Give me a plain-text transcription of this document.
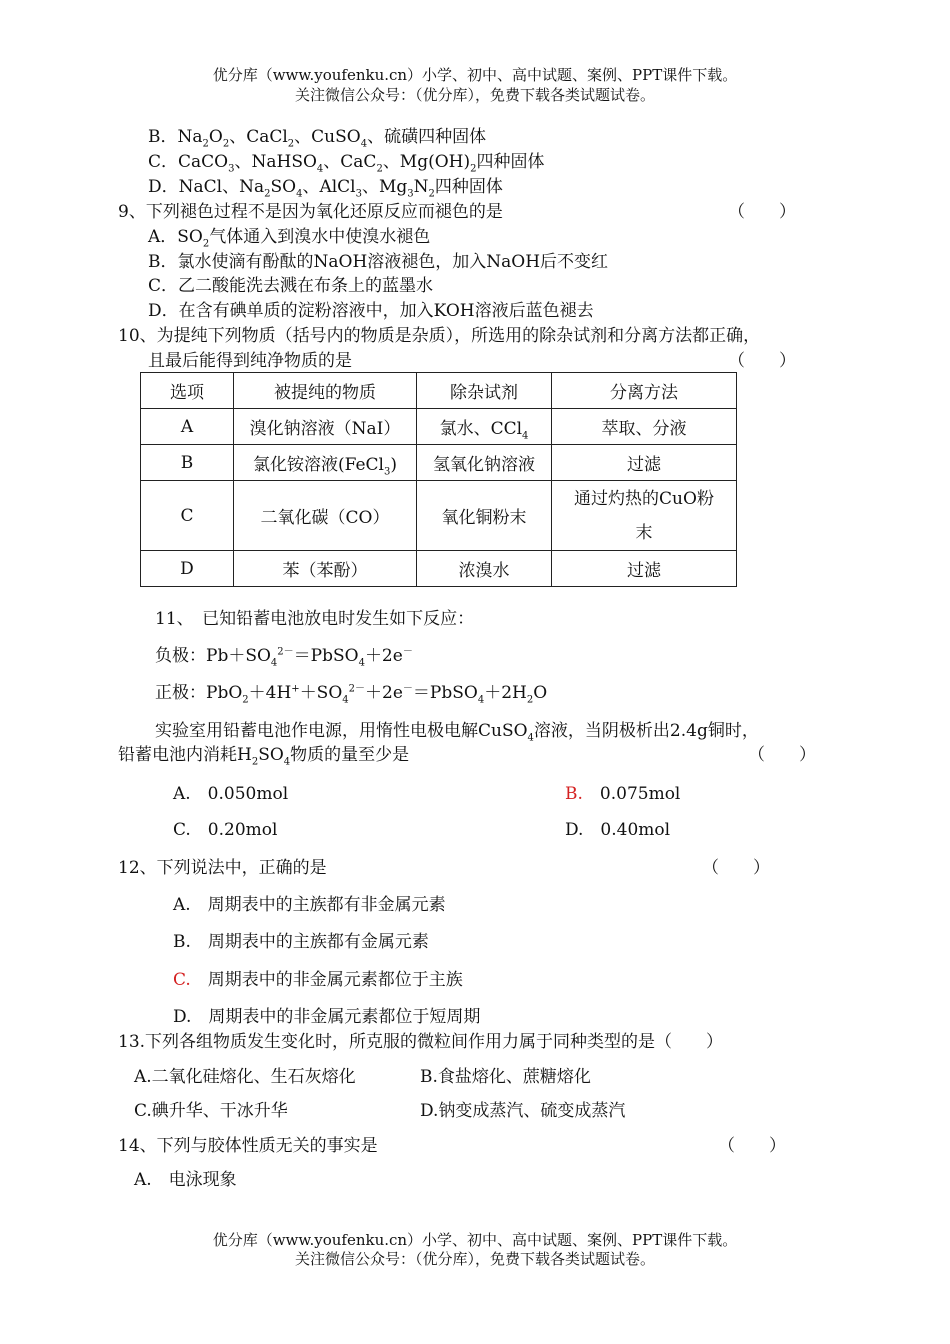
优分库（www.youfenku.cn）小学、初中、高中试题、案例、PPT课件下载。
关注微信公众号：（优分库），免费下载各类试题试卷。
B．$Na_2O_2$、CaCl$_2$、CuSO$_4$、硫磺四种固体
C．CaCO$_3$、NaHSO$_4$、CaC$_2$、$Mg(OH)_2$四种固体
D．NaCl、$Na_2SO_4$、AlCl$_3$、$Mg_3N_2$四种固体
9、下列褪色过程不是因为氧化还原反应而褪色的是	（　　）
A．$SO_2$气体通入到溴水中使溴水褪色
B．氯水使滴有酚酞的NaOH溶液褪色，加入NaOH后不变红
C．乙二酸能洗去溅在布条上的蓝墨水
D．在含有碘单质的淀粉溶液中，加入KOH溶液后蓝色褪去
10、为提纯下列物质（括号内的物质是杂质），所选用的除杂试剂和分离方法都正确，
且最后能得到纯净物质的是	（　　）
选项	被提纯的物质	除杂试剂	分离方法
A	溴化钠溶液（NaI）	氯水、CCl$_4$	萃取、分液
B	氯化铵溶液(FeCl$_3$)	氢氧化钠溶液	过滤
C	二氧化碳（CO）	氧化铜粉末	通过灼热的CuO粉
末

D	苯（苯酚）	浓溴水	过滤
11、　已知铅蓄电池放电时发生如下反应：
负极：$Pb+SO_4^{2-}=PbSO_4+2e^-$
正极：$PbO_2+4H^++SO_4^{2-}+2e^-=PbSO_4+2H_2O$
实验室用铅蓄电池作电源，用惰性电极电解CuSO$_4$溶液，当阴极析出2.4g铜时，
铅蓄电池内消耗$H_2SO_4$物质的量至少是	（　　）
A.　0.050mol	B.　0.075mol
C.　0.20mol	D.　0.40mol
12、下列说法中，正确的是	（　　）
A.　周期表中的主族都有非金属元素
B.　周期表中的主族都有金属元素
C.　周期表中的非金属元素都位于主族
D.　周期表中的非金属元素都位于短周期
13.下列各组物质发生变化时，所克服的微粒间作用力属于同种类型的是（　　）
A.二氧化硅熔化、生石灰熔化	B.食盐熔化、蔗糖熔化
C.碘升华、干冰升华	D.钠变成蒸汽、硫变成蒸汽
14、下列与胶体性质无关的事实是	（　　）
A.　电泳现象
优分库（www.youfenku.cn）小学、初中、高中试题、案例、PPT课件下载。
关注微信公众号：（优分库），免费下载各类试题试卷。
